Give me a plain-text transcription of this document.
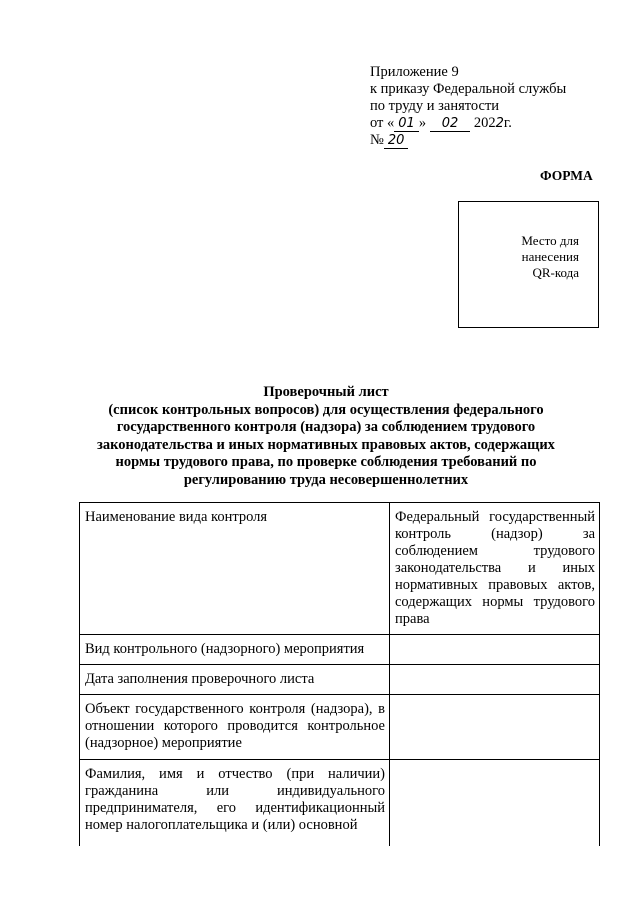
Приложение 9
к приказу Федеральной службы
по труду и занятости
от « 01 » 02 2022г.
№ 20
ФОРМА
Место для
нанесения
QR-кода
Проверочный лист
(список контрольных вопросов) для осуществления федерального
государственного контроля (надзора) за соблюдением трудового
законодательства и иных нормативных правовых актов, содержащих
нормы трудового права, по проверке соблюдения требований по
регулированию труда несовершеннолетних
Наименование вида контроля	Федеральный государственный контроль (надзор) за соблюдением трудового законодательства и иных нормативных правовых актов, содержащих нормы трудового права
Вид контрольного (надзорного) мероприятия	
Дата заполнения проверочного листа	
Объект государственного контроля (надзора), в отношении которого проводится контрольное (надзорное) мероприятие	
Фамилия, имя и отчество (при наличии) гражданина или индивидуального предпринимателя, его идентификационный номер налогоплательщика и (или) основной	
